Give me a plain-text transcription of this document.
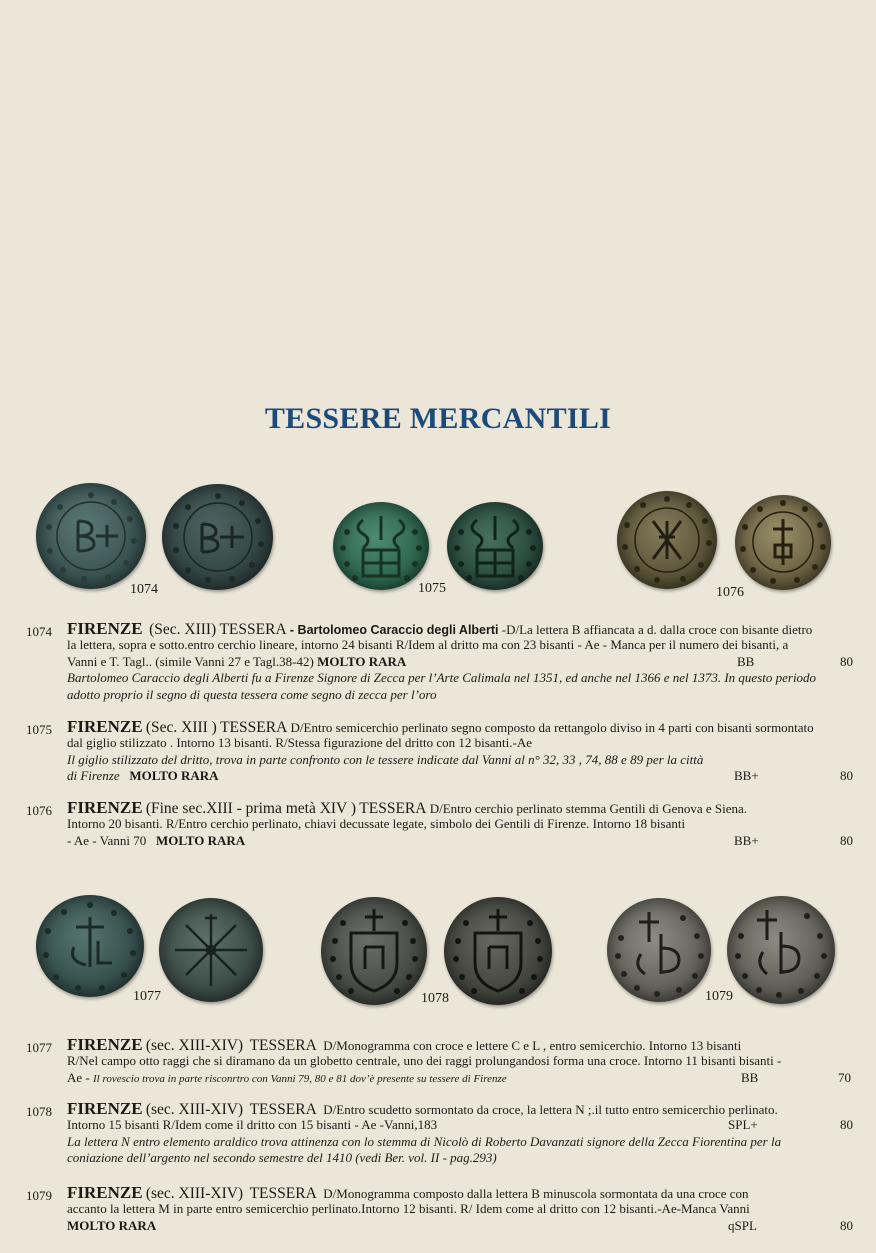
TESSERE MERCANTILI
1074	1075	1076
1077	1078	1079
1074 FIRENZE (Sec. XIII) TESSERA - Bartolomeo Caraccio degli Alberti -D/La lettera B affiancata a d. dalla croce con bisante dietro
la lettera, sopra e sotto.entro cerchio lineare, intorno 24 bisanti R/Idem al dritto ma con 23 bisanti - Ae - Manca per il numero dei bisanti, a
Vanni e T. Tagl.. (simile Vanni 27 e Tagl.38-42) MOLTO RARA	BB	80
Bartolomeo Caraccio degli Alberti fu a Firenze Signore di Zecca per l’Arte Calimala nel 1351, ed anche nel 1366 e nel 1373. In questo periodo
adotto proprio il segno di questa tessera come segno di zecca per l’oro
1075 FIRENZE (Sec. XIII ) TESSERA D/Entro semicerchio perlinato segno composto da rettangolo diviso in 4 parti con bisanti sormontato
dal giglio stilizzato . Intorno 13 bisanti. R/Stessa figurazione del dritto con 12 bisanti.-Ae
Il giglio stilizzato del dritto, trova in parte confronto con le tessere indicate dal Vanni al n° 32, 33 , 74, 88 e 89 per la città
di Firenze MOLTO RARA	BB+	80
1076 FIRENZE (Fine sec.XIII - prima metà XIV ) TESSERA D/Entro cerchio perlinato stemma Gentili di Genova e Siena.
Intorno 20 bisanti. R/Entro cerchio perlinato, chiavi decussate legate, simbolo dei Gentili di Firenze. Intorno 18 bisanti
- Ae - Vanni 70 MOLTO RARA	BB+	80
1077 FIRENZE (sec. XIII-XIV) TESSERA D/Monogramma con croce e lettere C e L , entro semicerchio. Intorno 13 bisanti
R/Nel campo otto raggi che si diramano da un globetto centrale, uno dei raggi prolungandosi forma una croce. Intorno 11 bisanti bisanti -
Ae - Il rovescio trova in parte risconrtro con Vanni 79, 80 e 81 dov’è presente su tessere di Firenze	BB	70
1078 FIRENZE (sec. XIII-XIV) TESSERA D/Entro scudetto sormontato da croce, la lettera N ;.il tutto entro semicerchio perlinato.
Intorno 15 bisanti R/Idem come il dritto con 15 bisanti - Ae -Vanni,183	SPL+	80
La lettera N entro elemento araldico trova attinenza con lo stemma di Nicolò di Roberto Davanzati signore della Zecca Fiorentina per la
coniazione dell’argento nel secondo semestre del 1410 (vedi Ber. vol. II - pag.293)
1079 FIRENZE (sec. XIII-XIV) TESSERA D/Monogramma composto dalla lettera B minuscola sormontata da una croce con
accanto la lettera M in parte entro semicerchio perlinato.Intorno 12 bisanti. R/ Idem come al dritto con 12 bisanti.-Ae-Manca Vanni
MOLTO RARA	qSPL	80
